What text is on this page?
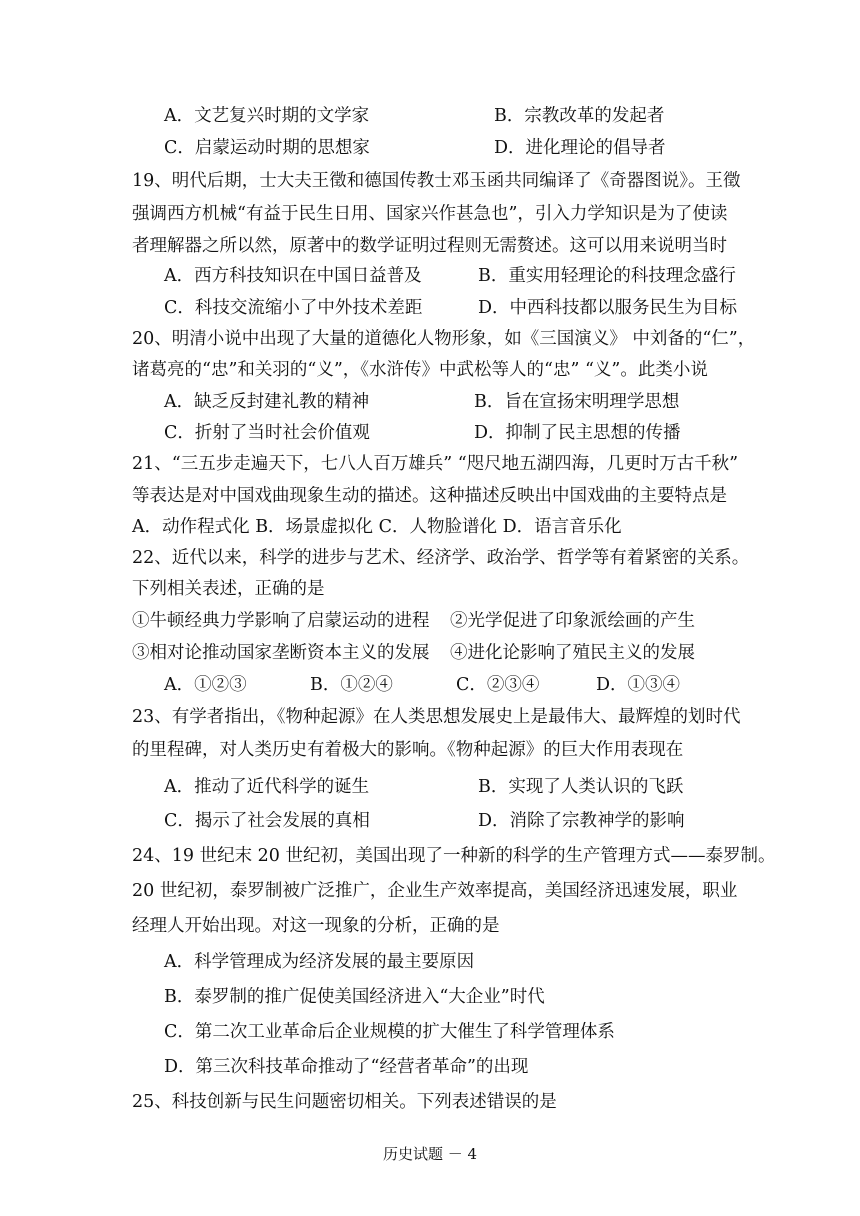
A．文艺复兴时期的文学家	B．宗教改革的发起者
C．启蒙运动时期的思想家	D．进化理论的倡导者
19、明代后期，士大夫王徵和德国传教士邓玉函共同编译了《奇器图说》。王徵
强调西方机械“有益于民生日用、国家兴作甚急也”，引入力学知识是为了使读
者理解器之所以然，原著中的数学证明过程则无需赘述。这可以用来说明当时
A．西方科技知识在中国日益普及	B．重实用轻理论的科技理念盛行
C．科技交流缩小了中外技术差距	D．中西科技都以服务民生为目标
20、明清小说中出现了大量的道德化人物形象，如《三国演义》 中刘备的“仁”，
诸葛亮的“忠”和关羽的“义”，《水浒传》中武松等人的“忠” “义”。此类小说
A．缺乏反封建礼教的精神	B．旨在宣扬宋明理学思想
C．折射了当时社会价值观	D．抑制了民主思想的传播
21、“三五步走遍天下，七八人百万雄兵” “咫尺地五湖四海，几更时万古千秋”
等表达是对中国戏曲现象生动的描述。这种描述反映出中国戏曲的主要特点是
A．动作程式化 B．场景虚拟化 C．人物脸谱化 D．语言音乐化
22、近代以来，科学的进步与艺术、经济学、政治学、哲学等有着紧密的关系。
下列相关表述，正确的是
①牛顿经典力学影响了启蒙运动的进程 ②光学促进了印象派绘画的产生
③相对论推动国家垄断资本主义的发展 ④进化论影响了殖民主义的发展
A．①②③	B．①②④	C．②③④	D．①③④
23、有学者指出，《物种起源》在人类思想发展史上是最伟大、最辉煌的划时代
的里程碑，对人类历史有着极大的影响。《物种起源》的巨大作用表现在
A．推动了近代科学的诞生	B．实现了人类认识的飞跃
C．揭示了社会发展的真相	D．消除了宗教神学的影响
24、19 世纪末 20 世纪初，美国出现了一种新的科学的生产管理方式——泰罗制。
20 世纪初，泰罗制被广泛推广，企业生产效率提高，美国经济迅速发展，职业
经理人开始出现。对这一现象的分析，正确的是
A．科学管理成为经济发展的最主要原因
B．泰罗制的推广促使美国经济进入“大企业”时代
C．第二次工业革命后企业规模的扩大催生了科学管理体系
D．第三次科技革命推动了“经营者革命”的出现
25、科技创新与民生问题密切相关。下列表述错误的是
历史试题 － 4
